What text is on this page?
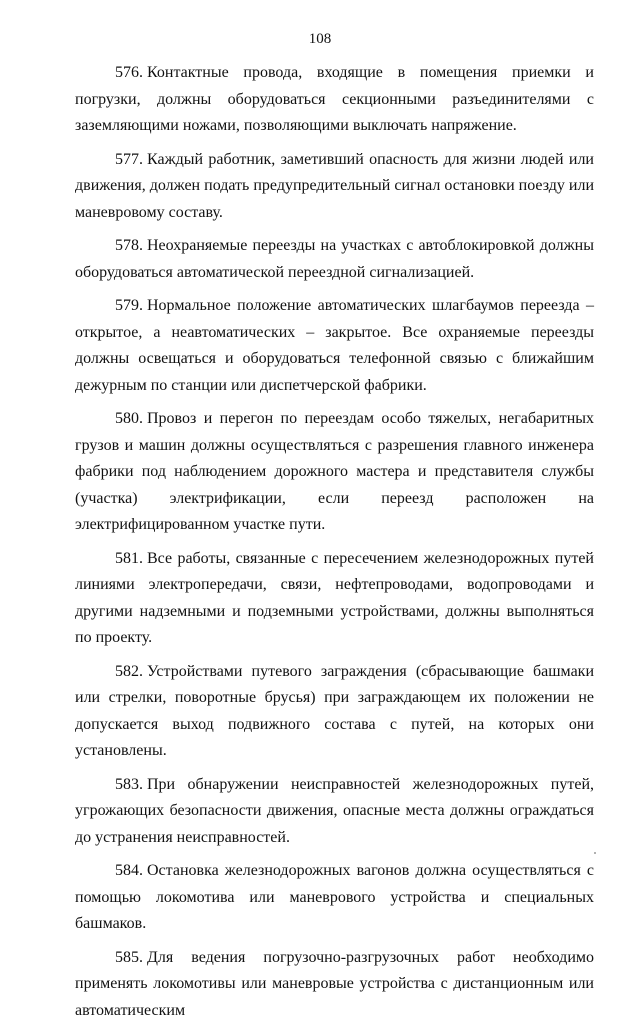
108

576. Контактные провода, входящие в помещения приемки и погрузки, должны оборудоваться секционными разъединителями с заземляющими ножами, позволяющими выключать напряжение.

577. Каждый работник, заметивший опасность для жизни людей или движения, должен подать предупредительный сигнал остановки поезду или маневровому составу.

578. Неохраняемые переезды на участках с автоблокировкой должны оборудоваться автоматической переездной сигнализацией.

579. Нормальное положение автоматических шлагбаумов переезда – открытое, а неавтоматических – закрытое. Все охраняемые переезды должны освещаться и оборудоваться телефонной связью с ближайшим дежурным по станции или диспетчерской фабрики.

580. Провоз и перегон по переездам особо тяжелых, негабаритных грузов и машин должны осуществляться с разрешения главного инженера фабрики под наблюдением дорожного мастера и представителя службы (участка) электрификации, если переезд расположен на электрифицированном участке пути.

581. Все работы, связанные с пересечением железнодорожных путей линиями электропередачи, связи, нефтепроводами, водопроводами и другими надземными и подземными устройствами, должны выполняться по проекту.

582. Устройствами путевого заграждения (сбрасывающие башмаки или стрелки, поворотные брусья) при заграждающем их положении не допускается выход подвижного состава с путей, на которых они установлены.

583. При обнаружении неисправностей железнодорожных путей, угрожающих безопасности движения, опасные места должны ограждаться до устранения неисправностей.

584. Остановка железнодорожных вагонов должна осуществляться с помощью локомотива или маневрового устройства и специальных башмаков.

585. Для ведения погрузочно-разгрузочных работ необходимо применять локомотивы или маневровые устройства с дистанционным или автоматическим
